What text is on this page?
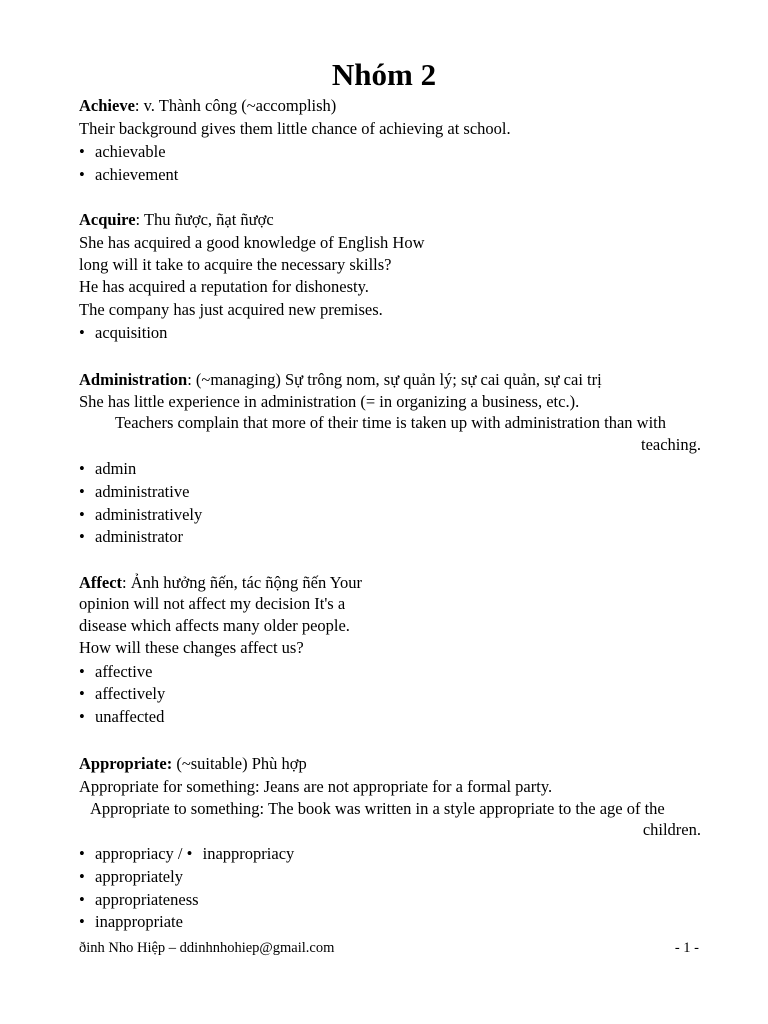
Nhóm 2
Achieve: v. Thành công (~accomplish)
Their background gives them little chance of achieving at school.
• achievable
• achievement
Acquire: Thu ñược, ñạt ñược
She has acquired a good knowledge of English How
long will it take to acquire the necessary skills?
He has acquired a reputation for dishonesty.
The company has just acquired new premises.
• acquisition
Administration: (~managing) Sự trông nom, sự quản lý; sự cai quản, sự cai trị
She has little experience in administration (= in organizing a business, etc.).
Teachers complain that more of their time is taken up with administration than with
teaching.
• admin
• administrative
• administratively
• administrator
Affect: Ảnh hưởng ñến, tác ñộng ñến Your
opinion will not affect my decision It's a
disease which affects many older people.
How will these changes affect us?
• affective
• affectively
• unaffected
Appropriate: (~suitable) Phù hợp
Appropriate for something: Jeans are not appropriate for a formal party.
Appropriate to something: The book was written in a style appropriate to the age of the
children.
• appropriacy / • inappropriacy
• appropriately
• appropriateness
• inappropriate
ðinh Nho Hiệp – ddinhnhohiep@gmail.com	- 1 -
